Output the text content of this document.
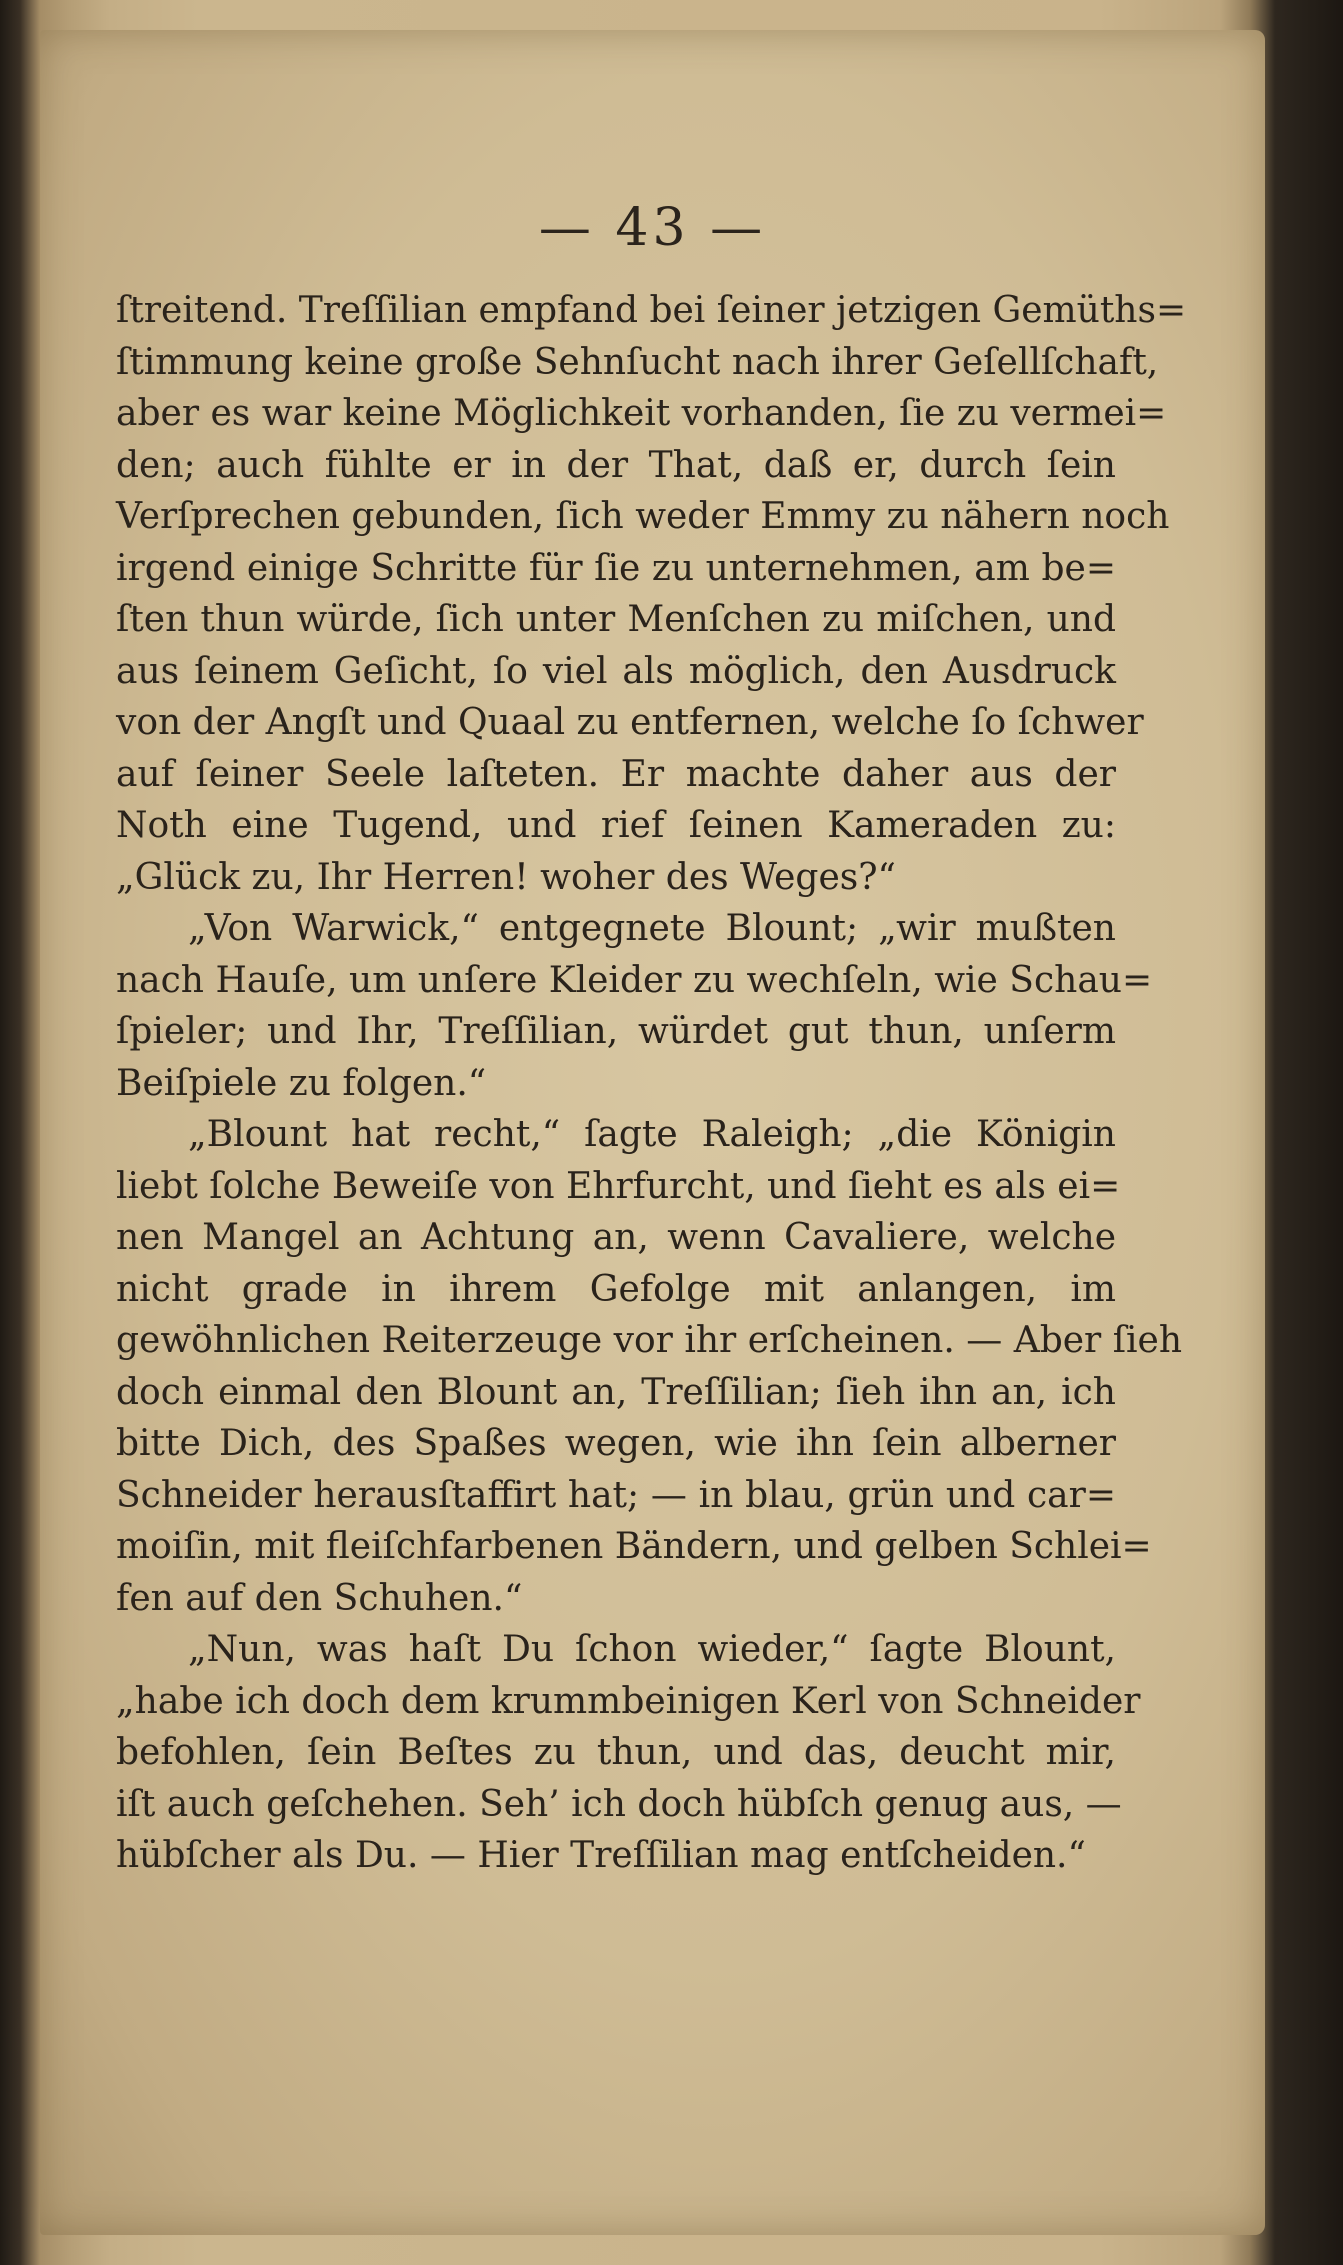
— 43 —
ſtreitend. Treſſilian empfand bei ſeiner jetzigen Gemüths=
ſtimmung keine große Sehnſucht nach ihrer Geſellſchaft,
aber es war keine Möglichkeit vorhanden, ſie zu vermei=
den; auch fühlte er in der That, daß er, durch ſein
Verſprechen gebunden, ſich weder Emmy zu nähern noch
irgend einige Schritte für ſie zu unternehmen, am be=
ſten thun würde, ſich unter Menſchen zu miſchen, und
aus ſeinem Geſicht, ſo viel als möglich, den Ausdruck
von der Angſt und Quaal zu entfernen, welche ſo ſchwer
auf ſeiner Seele laſteten. Er machte daher aus der
Noth eine Tugend, und rief ſeinen Kameraden zu:
„Glück zu, Ihr Herren! woher des Weges?“
„Von Warwick,“ entgegnete Blount; „wir mußten
nach Hauſe, um unſere Kleider zu wechſeln, wie Schau=
ſpieler; und Ihr, Treſſilian, würdet gut thun, unſerm
Beiſpiele zu folgen.“
„Blount hat recht,“ ſagte Raleigh; „die Königin
liebt ſolche Beweiſe von Ehrfurcht, und ſieht es als ei=
nen Mangel an Achtung an, wenn Cavaliere, welche
nicht grade in ihrem Gefolge mit anlangen, im
gewöhnlichen Reiterzeuge vor ihr erſcheinen. — Aber ſieh
doch einmal den Blount an, Treſſilian; ſieh ihn an, ich
bitte Dich, des Spaßes wegen, wie ihn ſein alberner
Schneider herausſtaffirt hat; — in blau, grün und car=
moiſin, mit fleiſchfarbenen Bändern, und gelben Schlei=
fen auf den Schuhen.“
„Nun, was haſt Du ſchon wieder,“ ſagte Blount,
„habe ich doch dem krummbeinigen Kerl von Schneider
befohlen, ſein Beſtes zu thun, und das, deucht mir,
iſt auch geſchehen. Seh’ ich doch hübſch genug aus, —
hübſcher als Du. — Hier Treſſilian mag entſcheiden.“
